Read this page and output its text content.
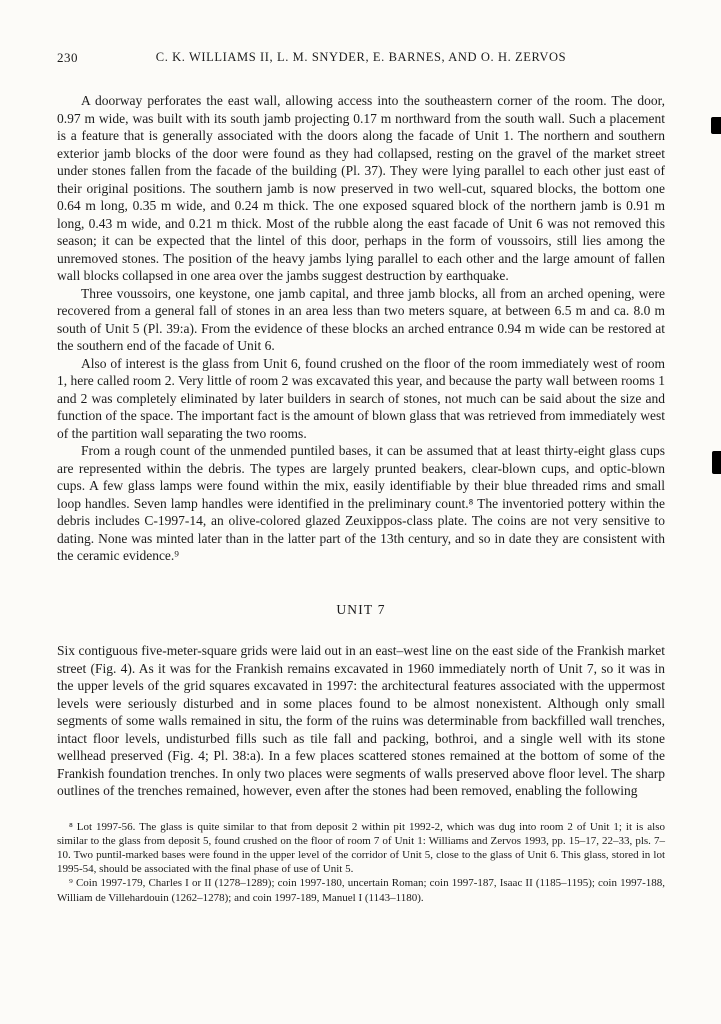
230	C. K. WILLIAMS II, L. M. SNYDER, E. BARNES, AND O. H. ZERVOS

A doorway perforates the east wall, allowing access into the southeastern corner of the room. The door, 0.97 m wide, was built with its south jamb projecting 0.17 m northward from the south wall. Such a placement is a feature that is generally associated with the doors along the facade of Unit 1. The northern and southern exterior jamb blocks of the door were found as they had collapsed, resting on the gravel of the market street under stones fallen from the facade of the building (Pl. 37). They were lying parallel to each other just east of their original positions. The southern jamb is now preserved in two well-cut, squared blocks, the bottom one 0.64 m long, 0.35 m wide, and 0.24 m thick. The one exposed squared block of the northern jamb is 0.91 m long, 0.43 m wide, and 0.21 m thick. Most of the rubble along the east facade of Unit 6 was not removed this season; it can be expected that the lintel of this door, perhaps in the form of voussoirs, still lies among the unremoved stones. The position of the heavy jambs lying parallel to each other and the large amount of fallen wall blocks collapsed in one area over the jambs suggest destruction by earthquake.

Three voussoirs, one keystone, one jamb capital, and three jamb blocks, all from an arched opening, were recovered from a general fall of stones in an area less than two meters square, at between 6.5 m and ca. 8.0 m south of Unit 5 (Pl. 39:a). From the evidence of these blocks an arched entrance 0.94 m wide can be restored at the southern end of the facade of Unit 6.

Also of interest is the glass from Unit 6, found crushed on the floor of the room immediately west of room 1, here called room 2. Very little of room 2 was excavated this year, and because the party wall between rooms 1 and 2 was completely eliminated by later builders in search of stones, not much can be said about the size and function of the space. The important fact is the amount of blown glass that was retrieved from immediately west of the partition wall separating the two rooms.

From a rough count of the unmended puntiled bases, it can be assumed that at least thirty-eight glass cups are represented within the debris. The types are largely prunted beakers, clear-blown cups, and optic-blown cups. A few glass lamps were found within the mix, easily identifiable by their blue threaded rims and small loop handles. Seven lamp handles were identified in the preliminary count.⁸ The inventoried pottery within the debris includes C-1997-14, an olive-colored glazed Zeuxippos-class plate. The coins are not very sensitive to dating. None was minted later than in the latter part of the 13th century, and so in date they are consistent with the ceramic evidence.⁹

UNIT 7

Six contiguous five-meter-square grids were laid out in an east–west line on the east side of the Frankish market street (Fig. 4). As it was for the Frankish remains excavated in 1960 immediately north of Unit 7, so it was in the upper levels of the grid squares excavated in 1997: the architectural features associated with the uppermost levels were seriously disturbed and in some places found to be almost nonexistent. Although only small segments of some walls remained in situ, the form of the ruins was determinable from backfilled wall trenches, intact floor levels, undisturbed fills such as tile fall and packing, bothroi, and a single well with its stone wellhead preserved (Fig. 4; Pl. 38:a). In a few places scattered stones remained at the bottom of some of the Frankish foundation trenches. In only two places were segments of walls preserved above floor level. The sharp outlines of the trenches remained, however, even after the stones had been removed, enabling the following

⁸ Lot 1997-56. The glass is quite similar to that from deposit 2 within pit 1992-2, which was dug into room 2 of Unit 1; it is also similar to the glass from deposit 5, found crushed on the floor of room 7 of Unit 1: Williams and Zervos 1993, pp. 15–17, 22–33, pls. 7–10. Two puntil-marked bases were found in the upper level of the corridor of Unit 5, close to the glass of Unit 6. This glass, stored in lot 1995-54, should be associated with the final phase of use of Unit 5.

⁹ Coin 1997-179, Charles I or II (1278–1289); coin 1997-180, uncertain Roman; coin 1997-187, Isaac II (1185–1195); coin 1997-188, William de Villehardouin (1262–1278); and coin 1997-189, Manuel I (1143–1180).
